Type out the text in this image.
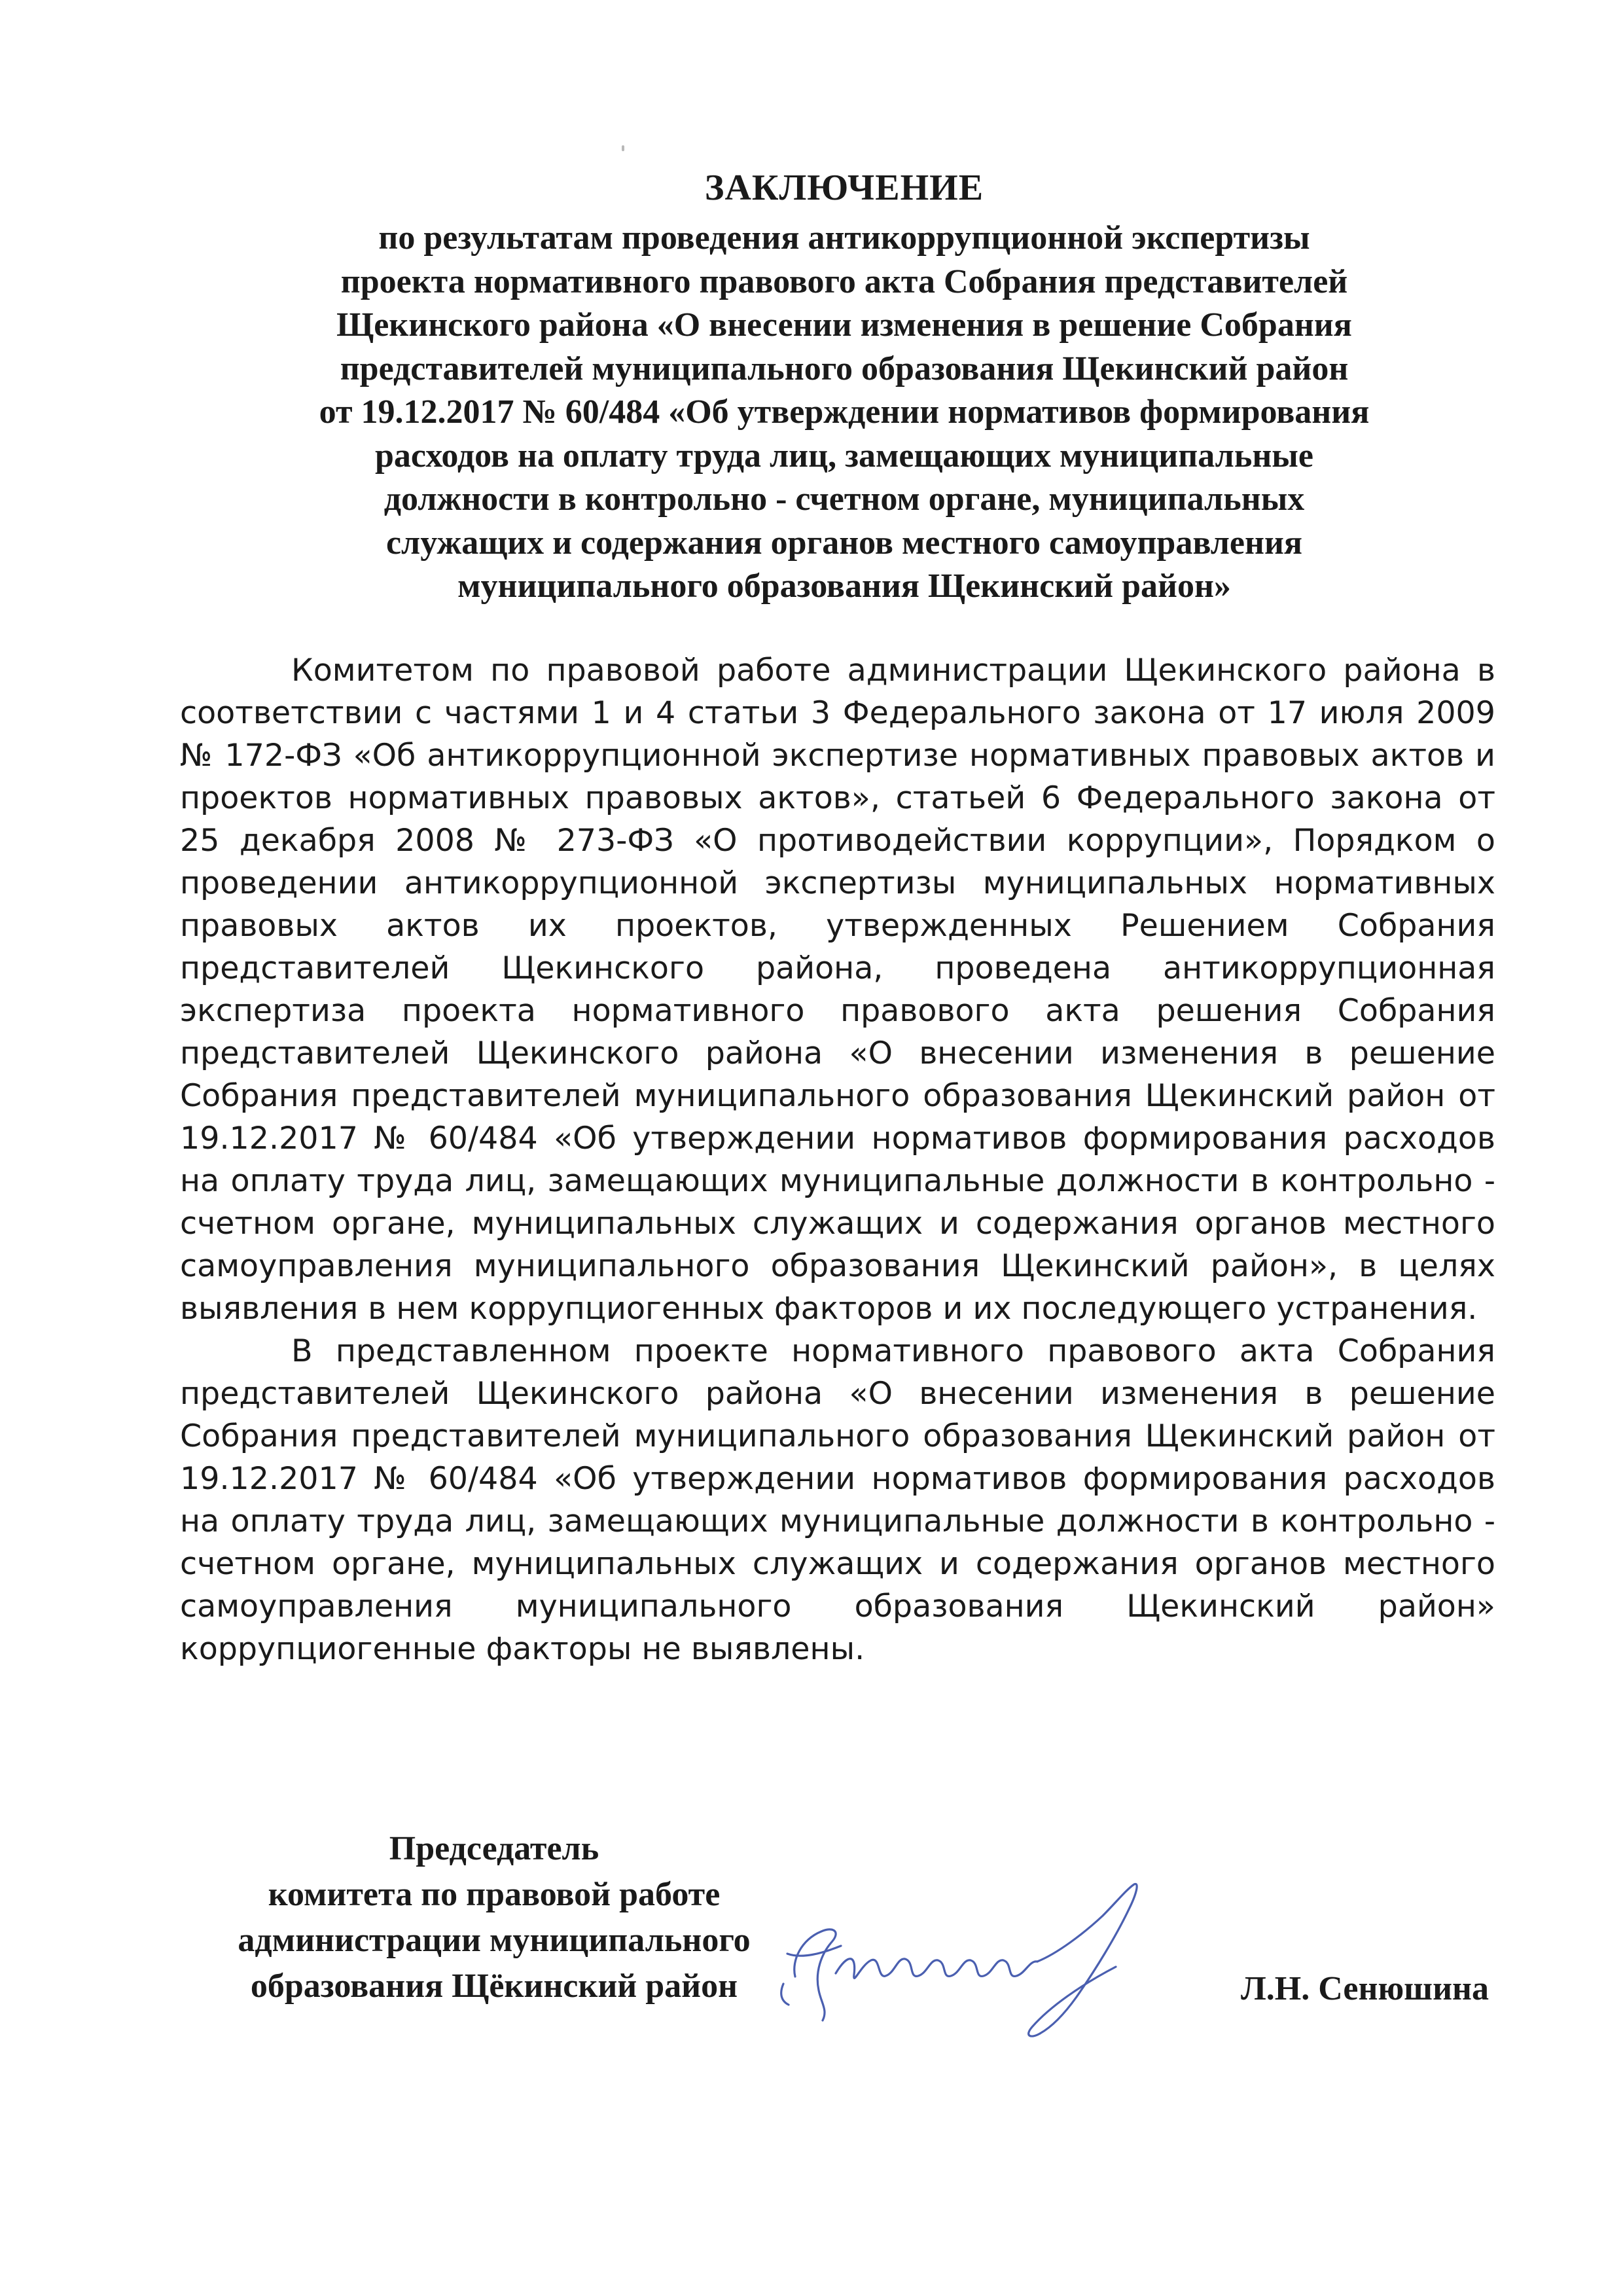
ЗАКЛЮЧЕНИЕ
по результатам проведения антикоррупционной экспертизы
проекта нормативного правового акта Собрания представителей
Щекинского района «О внесении изменения в решение Собрания
представителей муниципального образования Щекинский район
от 19.12.2017 № 60/484 «Об утверждении нормативов формирования
расходов на оплату труда лиц, замещающих муниципальные
должности в контрольно - счетном органе, муниципальных
служащих и содержания органов местного самоуправления
муниципального образования Щекинский район»

Комитетом по правовой работе администрации Щекинского района в соответствии с частями 1 и 4 статьи 3 Федерального закона от 17 июля 2009 № 172-ФЗ «Об антикоррупционной экспертизе нормативных правовых актов и проектов нормативных правовых актов», статьей 6 Федерального закона от 25 декабря 2008 № 273-ФЗ «О противодействии коррупции», Порядком о проведении антикоррупционной экспертизы муниципальных нормативных правовых актов их проектов, утвержденных Решением Собрания представителей Щекинского района, проведена антикоррупционная экспертиза проекта нормативного правового акта решения Собрания представителей Щекинского района «О внесении изменения в решение Собрания представителей муниципального образования Щекинский район от 19.12.2017 № 60/484 «Об утверждении нормативов формирования расходов на оплату труда лиц, замещающих муниципальные должности в контрольно - счетном органе, муниципальных служащих и содержания органов местного самоуправления муниципального образования Щекинский район», в целях выявления в нем коррупциогенных факторов и их последующего устранения.

В представленном проекте нормативного правового акта Собрания представителей Щекинского района «О внесении изменения в решение Собрания представителей муниципального образования Щекинский район от 19.12.2017 № 60/484 «Об утверждении нормативов формирования расходов на оплату труда лиц, замещающих муниципальные должности в контрольно - счетном органе, муниципальных служащих и содержания органов местного самоуправления муниципального образования Щекинский район» коррупциогенные факторы не выявлены.

Председатель
комитета по правовой работе
администрации муниципального
образования Щёкинский район	Л.Н. Сенюшина
